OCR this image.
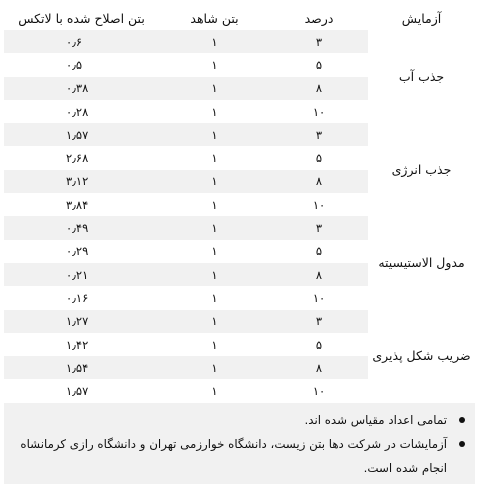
آزمایش	درصد	بتن شاهد	بتن اصلاح شده با لاتکس
جذب آب	۳	۱	۰٫۶
	۵	۱	۰٫۵
	۸	۱	۰٫۳۸
	۱۰	۱	۰٫۲۸
جذب انرژی	۳	۱	۱٫۵۷
	۵	۱	۲٫۶۸
	۸	۱	۳٫۱۲
	۱۰	۱	۳٫۸۴
مدول الاستیسیته	۳	۱	۰٫۴۹
	۵	۱	۰٫۲۹
	۸	۱	۰٫۲۱
	۱۰	۱	۰٫۱۶
ضریب شکل پذیری	۳	۱	۱٫۲۷
	۵	۱	۱٫۴۲
	۸	۱	۱٫۵۴
	۱۰	۱	۱٫۵۷
تمامی اعداد مقیاس شده اند.
آزمایشات در شرکت دها بتن زیست، دانشگاه خوارزمی تهران و دانشگاه رازی کرمانشاه انجام شده است.
